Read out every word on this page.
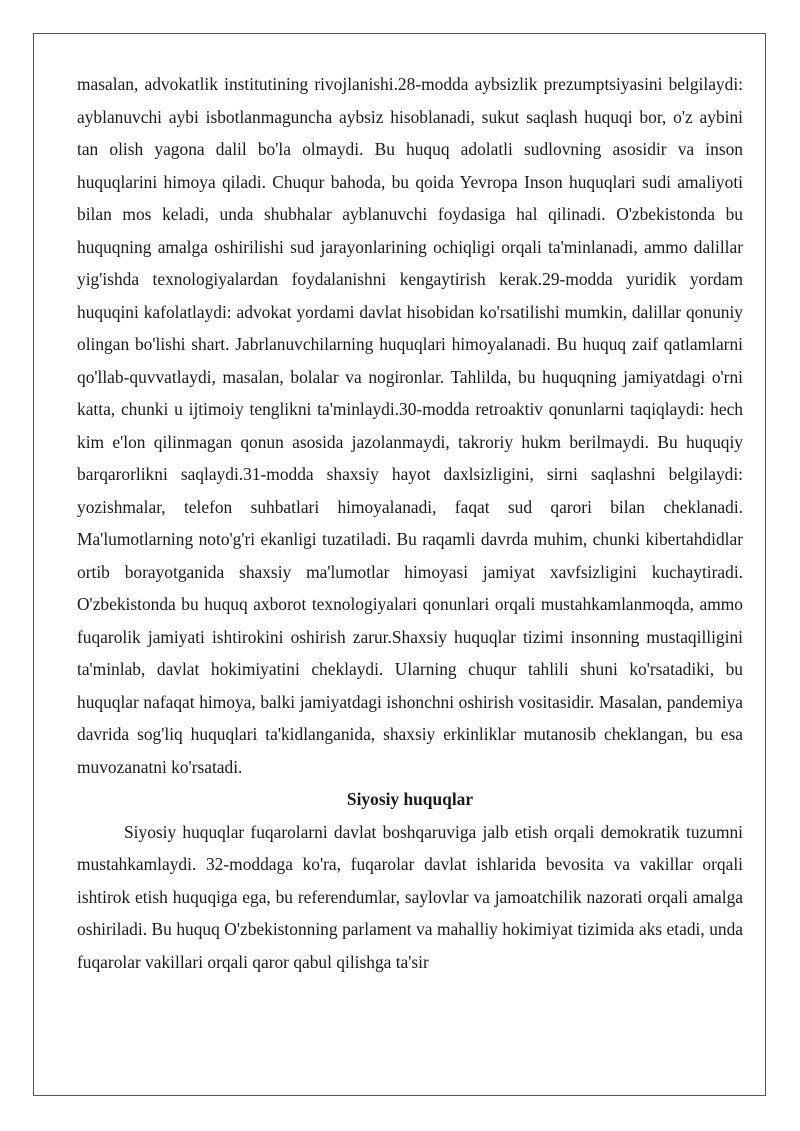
masalan, advokatlik institutining rivojlanishi.28-modda aybsizlik prezumptsiyasini belgilaydi: ayblanuvchi aybi isbotlanmaguncha aybsiz hisoblanadi, sukut saqlash huquqi bor, o'z aybini tan olish yagona dalil bo'la olmaydi. Bu huquq adolatli sudlovning asosidir va inson huquqlarini himoya qiladi. Chuqur bahoda, bu qoida Yevropa Inson huquqlari sudi amaliyoti bilan mos keladi, unda shubhalar ayblanuvchi foydasiga hal qilinadi. O'zbekistonda bu huquqning amalga oshirilishi sud jarayonlarining ochiqligi orqali ta'minlanadi, ammo dalillar yig'ishda texnologiyalardan foydalanishni kengaytirish kerak.29-modda yuridik yordam huquqini kafolatlaydi: advokat yordami davlat hisobidan ko'rsatilishi mumkin, dalillar qonuniy olingan bo'lishi shart. Jabrlanuvchilarning huquqlari himoyalanadi. Bu huquq zaif qatlamlarni qo'llab-quvvatlaydi, masalan, bolalar va nogironlar. Tahlilda, bu huquqning jamiyatdagi o'rni katta, chunki u ijtimoiy tenglikni ta'minlaydi.30-modda retroaktiv qonunlarni taqiqlaydi: hech kim e'lon qilinmagan qonun asosida jazolanmaydi, takroriy hukm berilmaydi. Bu huquqiy barqarorlikni saqlaydi.31-modda shaxsiy hayot daxlsizligini, sirni saqlashni belgilaydi: yozishmalar, telefon suhbatlari himoyalanadi, faqat sud qarori bilan cheklanadi. Ma'lumotlarning noto'g'ri ekanligi tuzatiladi. Bu raqamli davrda muhim, chunki kibertahdidlar ortib borayotganida shaxsiy ma'lumotlar himoyasi jamiyat xavfsizligini kuchaytiradi. O'zbekistonda bu huquq axborot texnologiyalari qonunlari orqali mustahkamlanmoqda, ammo fuqarolik jamiyati ishtirokini oshirish zarur.Shaxsiy huquqlar tizimi insonning mustaqilligini ta'minlab, davlat hokimiyatini cheklaydi. Ularning chuqur tahlili shuni ko'rsatadiki, bu huquqlar nafaqat himoya, balki jamiyatdagi ishonchni oshirish vositasidir. Masalan, pandemiya davrida sog'liq huquqlari ta'kidlanganida, shaxsiy erkinliklar mutanosib cheklangan, bu esa muvozanatni ko'rsatadi.

Siyosiy huquqlar

Siyosiy huquqlar fuqarolarni davlat boshqaruviga jalb etish orqali demokratik tuzumni mustahkamlaydi. 32-moddaga ko'ra, fuqarolar davlat ishlarida bevosita va vakillar orqali ishtirok etish huquqiga ega, bu referendumlar, saylovlar va jamoatchilik nazorati orqali amalga oshiriladi. Bu huquq O'zbekistonning parlament va mahalliy hokimiyat tizimida aks etadi, unda fuqarolar vakillari orqali qaror qabul qilishga ta'sir
